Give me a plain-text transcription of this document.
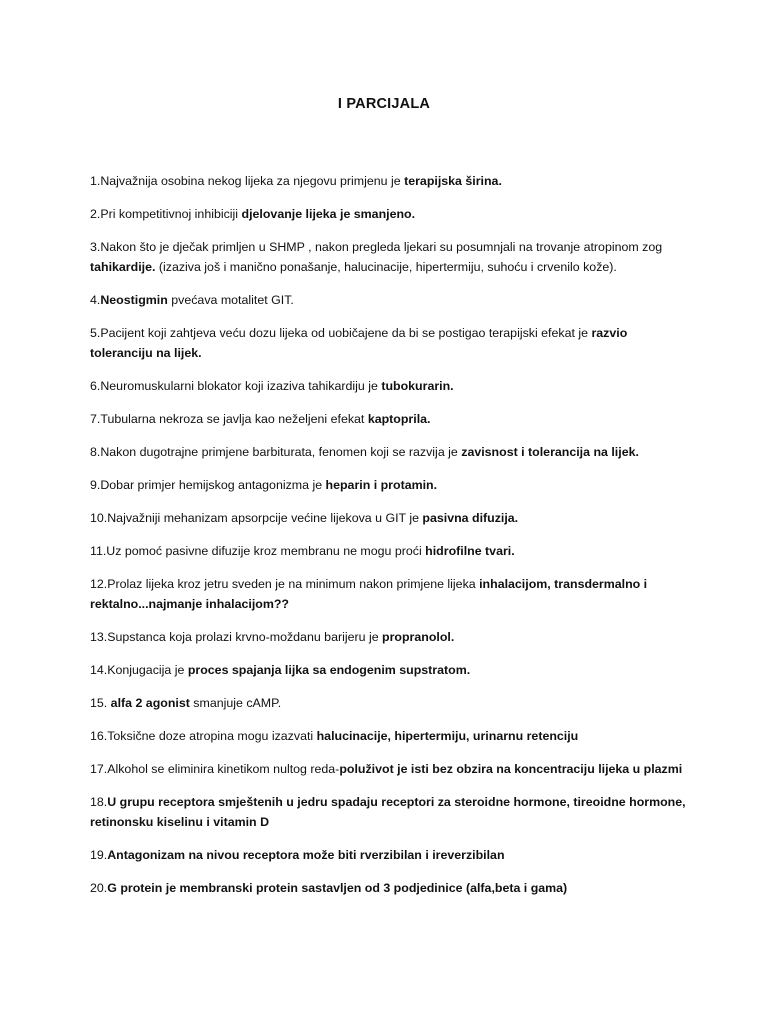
I PARCIJALA
1.Najvažnija osobina nekog lijeka za njegovu primjenu je terapijska širina.
2.Pri kompetitivnoj inhibiciji djelovanje lijeka je smanjeno.
3.Nakon što je dječak primljen u SHMP , nakon pregleda ljekari su posumnjali na trovanje atropinom zog tahikardije. (izaziva još i manično ponašanje, halucinacije, hipertermiju, suhoću i crvenilo kože).
4.Neostigmin pvećava motalitet GIT.
5.Pacijent koji zahtjeva veću dozu lijeka od uobičajene da bi se postigao terapijski efekat je razvio toleranciju na lijek.
6.Neuromuskularni blokator koji izaziva tahikardiju je tubokurarin.
7.Tubularna nekroza se javlja kao neželjeni efekat kaptoprila.
8.Nakon dugotrajne primjene barbiturata, fenomen koji se razvija je zavisnost i tolerancija na lijek.
9.Dobar primjer hemijskog antagonizma je heparin i protamin.
10.Najvažniji mehanizam apsorpcije većine lijekova u GIT je pasivna difuzija.
11.Uz pomoć pasivne difuzije kroz membranu ne mogu proći hidrofilne tvari.
12.Prolaz lijeka kroz jetru sveden je na minimum nakon primjene lijeka inhalacijom, transdermalno i rektalno...najmanje inhalacijom??
13.Supstanca koja prolazi krvno-moždanu barijeru je propranolol.
14.Konjugacija je proces spajanja lijka sa endogenim supstratom.
15. alfa 2 agonist smanjuje cAMP.
16.Toksične doze atropina mogu izazvati halucinacije, hipertermiju, urinarnu retenciju
17.Alkohol se eliminira kinetikom nultog reda-poluživot je isti bez obzira na koncentraciju lijeka u plazmi
18.U grupu receptora smještenih u jedru spadaju receptori za steroidne hormone, tireoidne hormone, retinonsku kiselinu i vitamin D
19.Antagonizam na nivou receptora može biti rverzibilan i ireverzibilan
20.G protein je membranski protein sastavljen od 3 podjedinice (alfa,beta i gama)
